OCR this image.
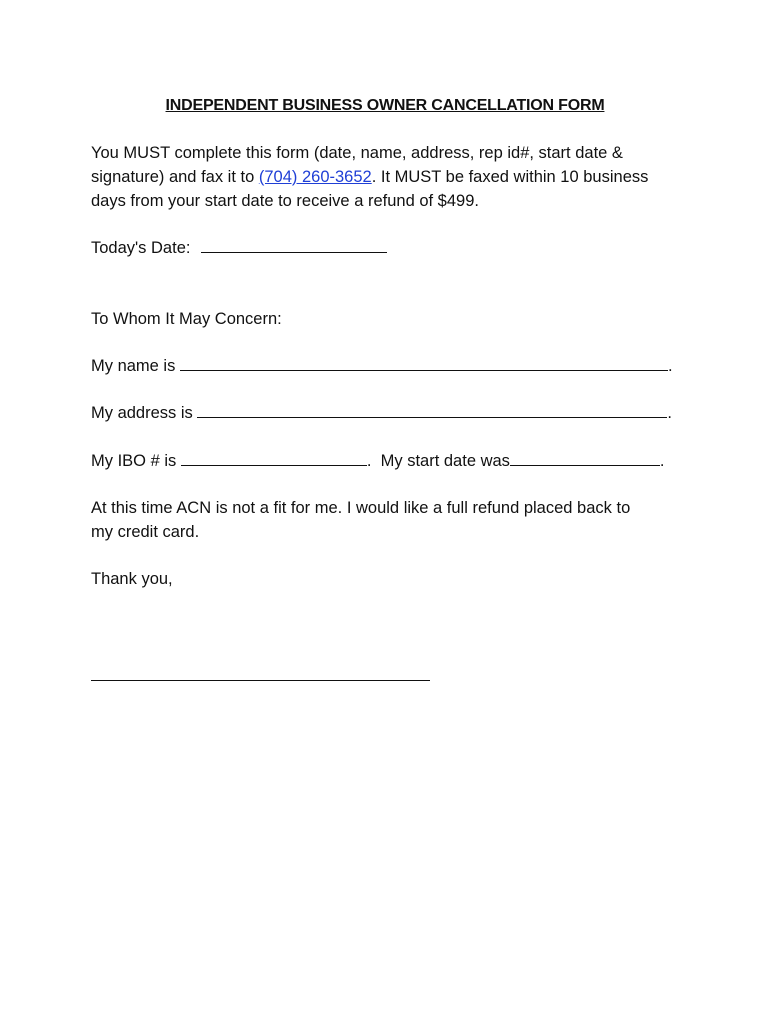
INDEPENDENT BUSINESS OWNER CANCELLATION FORM

You MUST complete this form (date, name, address, rep id#, start date &

signature) and fax it to (704) 260-3652. It MUST be faxed within 10 business

days from your start date to receive a refund of $499.

Today's Date:
To Whom It May Concern:
My name is	.
My address is	.
My IBO # is	. My start date was	.

At this time ACN is not a fit for me. I would like a full refund placed back to

my credit card.

Thank you,
